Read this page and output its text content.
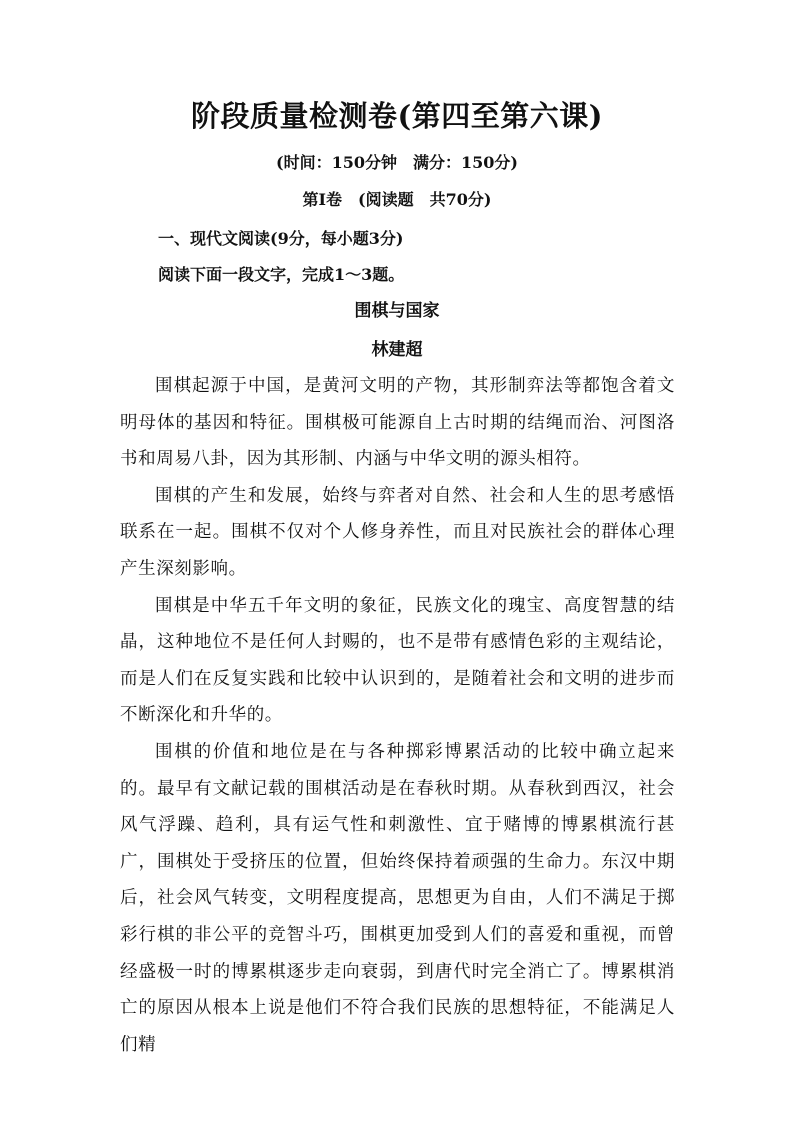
阶段质量检测卷(第四至第六课)
(时间：150分钟　满分：150分)
第Ⅰ卷　(阅读题　共70分)
一、现代文阅读(9分，每小题3分)
阅读下面一段文字，完成1～3题。
围棋与国家
林建超

围棋起源于中国，是黄河文明的产物，其形制弈法等都饱含着文明母体的基因和特征。围棋极可能源自上古时期的结绳而治、河图洛书和周易八卦，因为其形制、内涵与中华文明的源头相符。

围棋的产生和发展，始终与弈者对自然、社会和人生的思考感悟联系在一起。围棋不仅对个人修身养性，而且对民族社会的群体心理产生深刻影响。

围棋是中华五千年文明的象征，民族文化的瑰宝、高度智慧的结晶，这种地位不是任何人封赐的，也不是带有感情色彩的主观结论，而是人们在反复实践和比较中认识到的，是随着社会和文明的进步而不断深化和升华的。

围棋的价值和地位是在与各种掷彩博累活动的比较中确立起来的。最早有文献记载的围棋活动是在春秋时期。从春秋到西汉，社会风气浮躁、趋利，具有运气性和刺激性、宜于赌博的博累棋流行甚广，围棋处于受挤压的位置，但始终保持着顽强的生命力。东汉中期后，社会风气转变，文明程度提高，思想更为自由，人们不满足于掷彩行棋的非公平的竞智斗巧，围棋更加受到人们的喜爱和重视，而曾经盛极一时的博累棋逐步走向衰弱，到唐代时完全消亡了。博累棋消亡的原因从根本上说是他们不符合我们民族的思想特征，不能满足人们精
